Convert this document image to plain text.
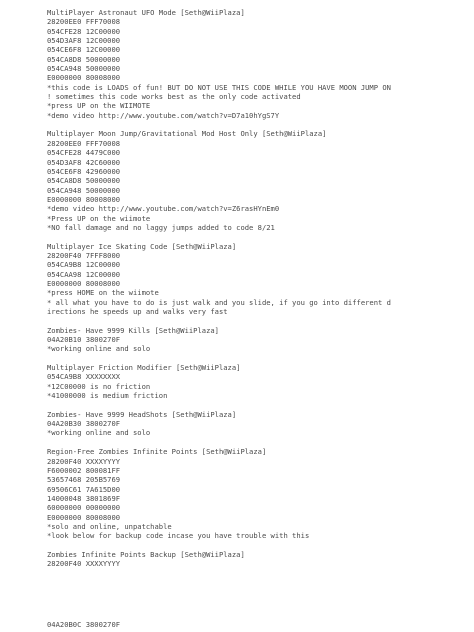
MultiPlayer Astronaut UFO Mode [Seth@WiiPlaza]
28200EE0 FFF70008
054CFE28 12C00000
054D3AF8 12C00000
054CE6F8 12C00000
054CA8D8 50000000
054CA948 50000000
E0000000 80008000
*this code is LOADS of fun! BUT DO NOT USE THIS CODE WHILE YOU HAVE MOON JUMP ON
! sometimes this code works best as the only code activated
*press UP on the WIIMOTE
*demo video http://www.youtube.com/watch?v=D7a10hYgS7Y
Multiplayer Moon Jump/Gravitational Mod Host Only [Seth@WiiPlaza]
28200EE0 FFF70008
054CFE28 4479C000
054D3AF8 42C60000
054CE6F8 42960000
054CA8D8 50000000
054CA948 50000000
E0000000 80008000
*demo video http://www.youtube.com/watch?v=Z6rasHYnEm0
*Press UP on the wiimote
*NO fall damage and no laggy jumps added to code 8/21
Multiplayer Ice Skating Code [Seth@WiiPlaza]
28200F40 7FFF8000
054CA9B8 12C00000
054CAA98 12C00000
E0000000 80008000
*press HOME on the wiimote
* all what you have to do is just walk and you slide, if you go into different d
irections he speeds up and walks very fast
Zombies- Have 9999 Kills [Seth@WiiPlaza]
04A20B10 3800270F
*working online and solo
Multiplayer Friction Modifier [Seth@WiiPlaza]
054CA9B8 XXXXXXXX
*12C00000 is no friction
*41000000 is medium friction
Zombies- Have 9999 HeadShots [Seth@WiiPlaza]
04A20B30 3800270F
*working online and solo
Region-Free Zombies Infinite Points [Seth@WiiPlaza]
28200F40 XXXXYYYY
F6000002 800081FF
53657468 205B5769
69506C61 7A615D00
14000048 3801869F
60000000 00000000
E0000000 80008000
*solo and online, unpatchable
*look below for backup code incase you have trouble with this
Zombies Infinite Points Backup [Seth@WiiPlaza]
28200F40 XXXXYYYY
04A20B0C 3800270F
